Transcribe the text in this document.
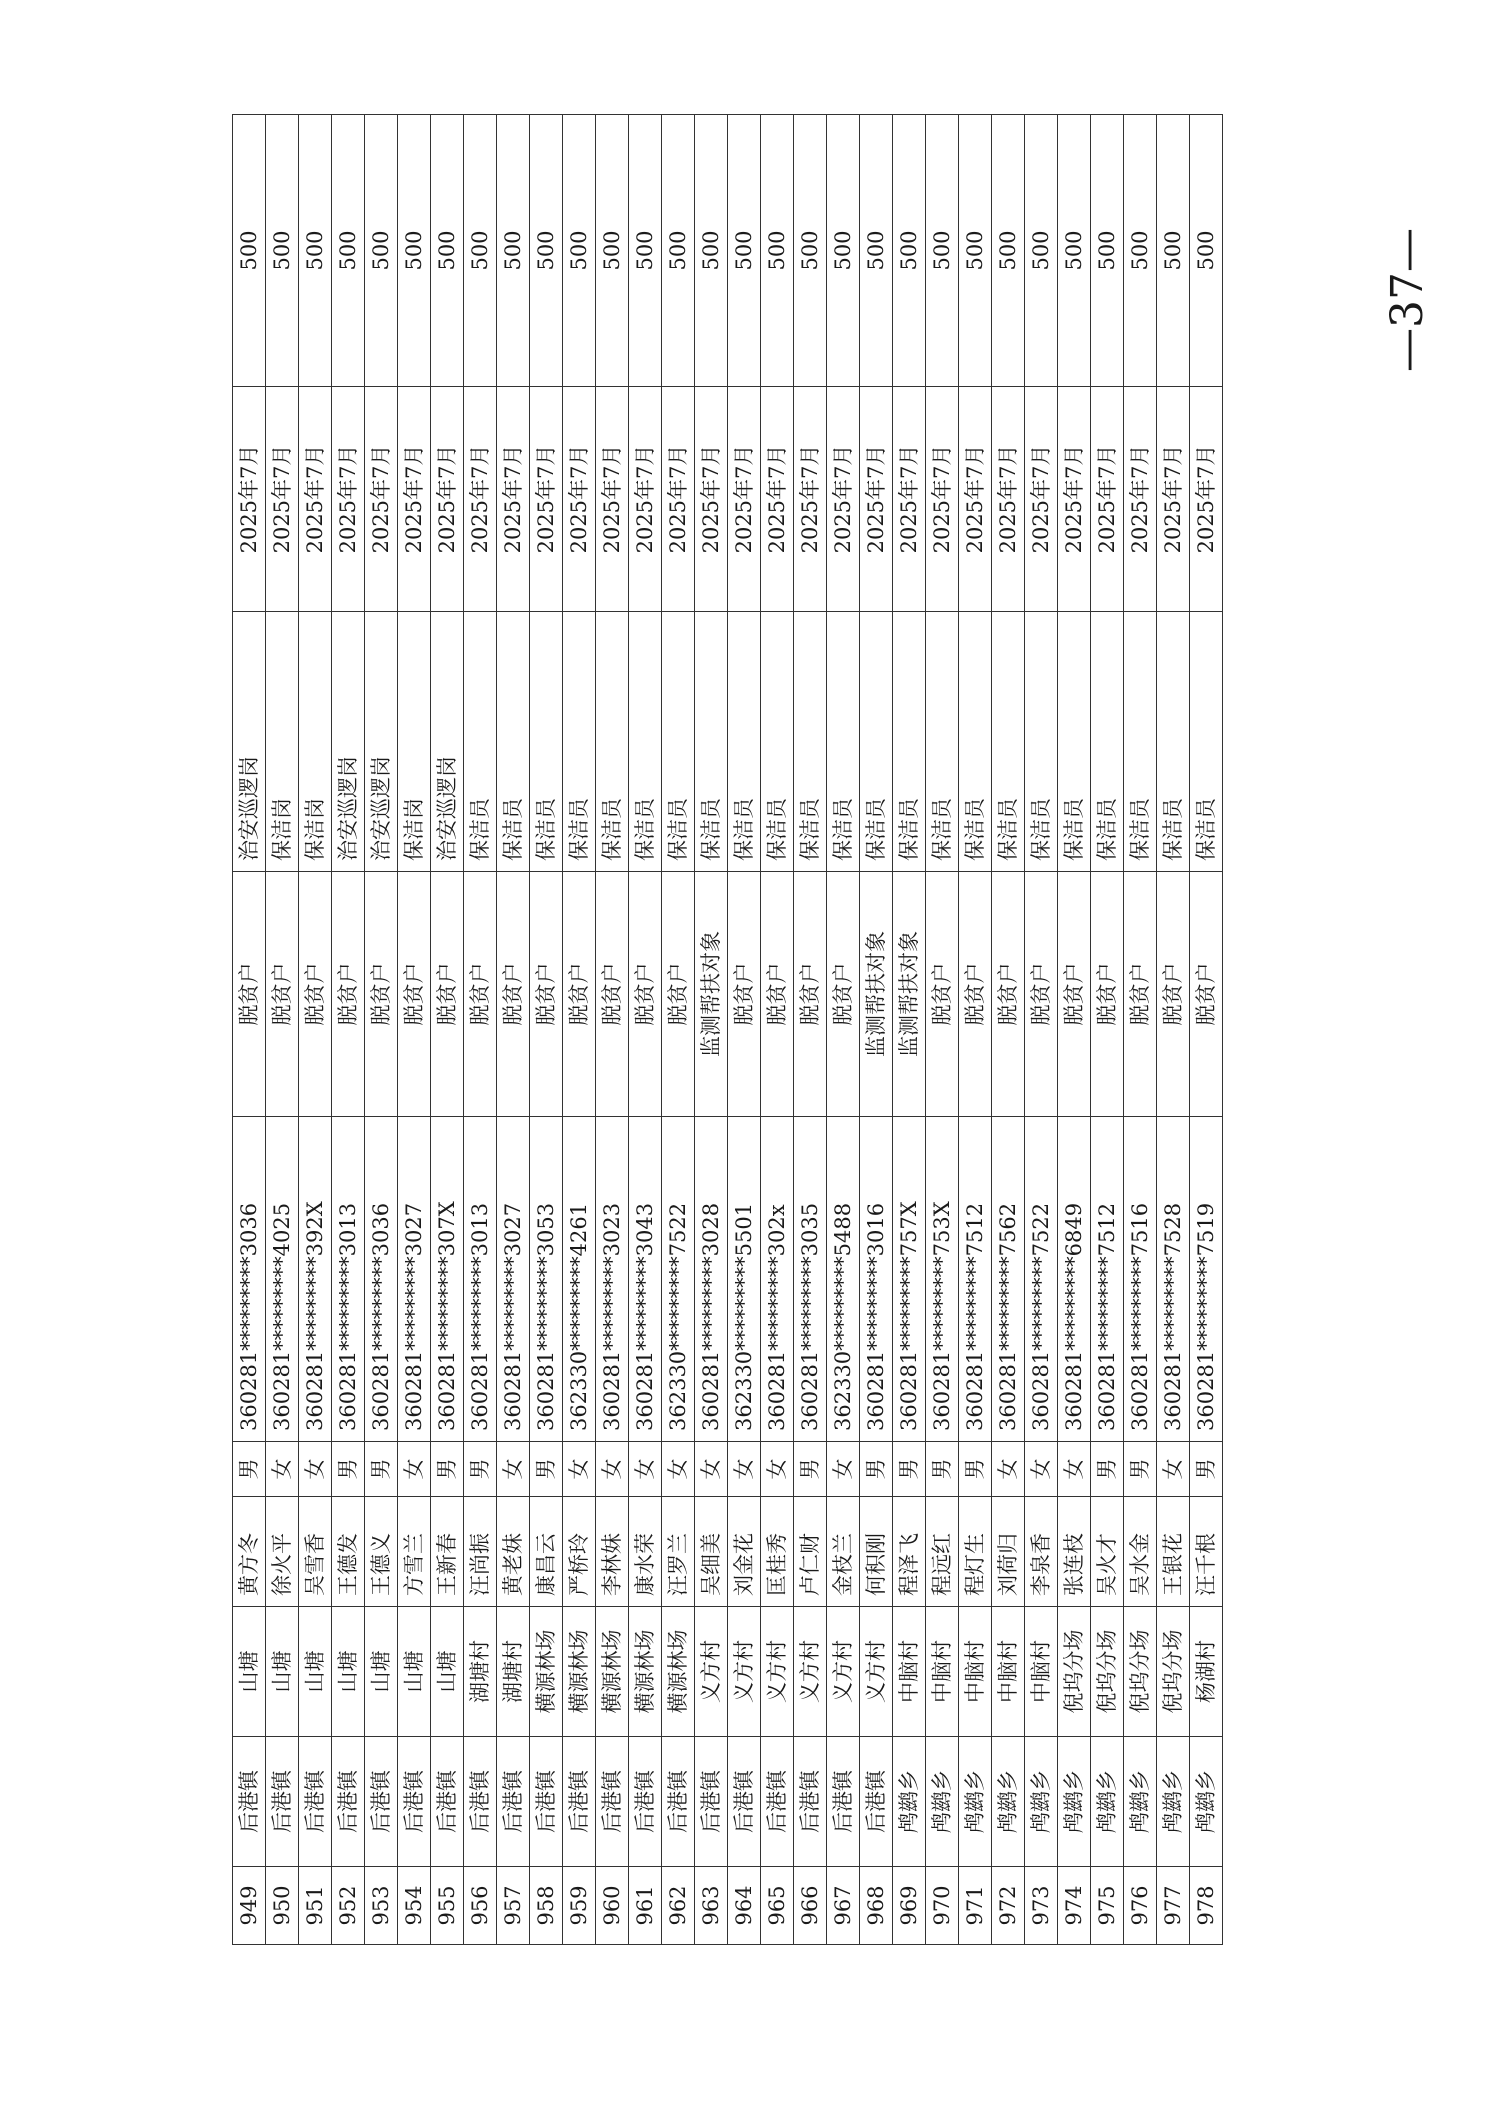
949	后港镇	山塘	黄方冬	男	360281*********3036	脱贫户	治安巡逻岗	2025年7月	500
950	后港镇	山塘	徐火平	女	360281*********4025	脱贫户	保洁岗	2025年7月	500
951	后港镇	山塘	吴雪香	女	360281*********392X	脱贫户	保洁岗	2025年7月	500
952	后港镇	山塘	王德发	男	360281*********3013	脱贫户	治安巡逻岗	2025年7月	500
953	后港镇	山塘	王德义	男	360281*********3036	脱贫户	治安巡逻岗	2025年7月	500
954	后港镇	山塘	方雪兰	女	360281*********3027	脱贫户	保洁岗	2025年7月	500
955	后港镇	山塘	王新春	男	360281*********307X	脱贫户	治安巡逻岗	2025年7月	500
956	后港镇	湖塘村	汪尚振	男	360281*********3013	脱贫户	保洁员	2025年7月	500
957	后港镇	湖塘村	黄老妹	女	360281*********3027	脱贫户	保洁员	2025年7月	500
958	后港镇	横源林场	康昌云	男	360281*********3053	脱贫户	保洁员	2025年7月	500
959	后港镇	横源林场	严桥玲	女	362330*********4261	脱贫户	保洁员	2025年7月	500
960	后港镇	横源林场	李林妹	女	360281*********3023	脱贫户	保洁员	2025年7月	500
961	后港镇	横源林场	康水荣	女	360281*********3043	脱贫户	保洁员	2025年7月	500
962	后港镇	横源林场	汪罗兰	女	362330*********7522	脱贫户	保洁员	2025年7月	500
963	后港镇	义方村	吴细美	女	360281*********3028	监测帮扶对象	保洁员	2025年7月	500
964	后港镇	义方村	刘金花	女	362330*********5501	脱贫户	保洁员	2025年7月	500
965	后港镇	义方村	匡桂秀	女	360281*********302x	脱贫户	保洁员	2025年7月	500
966	后港镇	义方村	卢仁财	男	360281*********3035	脱贫户	保洁员	2025年7月	500
967	后港镇	义方村	金枝兰	女	362330*********5488	脱贫户	保洁员	2025年7月	500
968	后港镇	义方村	何积刚	男	360281*********3016	监测帮扶对象	保洁员	2025年7月	500
969	鸬鹚乡	中脑村	程泽飞	男	360281*********757X	监测帮扶对象	保洁员	2025年7月	500
970	鸬鹚乡	中脑村	程远红	男	360281*********753X	脱贫户	保洁员	2025年7月	500
971	鸬鹚乡	中脑村	程灯生	男	360281*********7512	脱贫户	保洁员	2025年7月	500
972	鸬鹚乡	中脑村	刘荷归	女	360281*********7562	脱贫户	保洁员	2025年7月	500
973	鸬鹚乡	中脑村	李泉香	女	360281*********7522	脱贫户	保洁员	2025年7月	500
974	鸬鹚乡	倪坞分场	张连枝	女	360281*********6849	脱贫户	保洁员	2025年7月	500
975	鸬鹚乡	倪坞分场	吴火才	男	360281*********7512	脱贫户	保洁员	2025年7月	500
976	鸬鹚乡	倪坞分场	吴水金	男	360281*********7516	脱贫户	保洁员	2025年7月	500
977	鸬鹚乡	倪坞分场	王银花	女	360281*********7528	脱贫户	保洁员	2025年7月	500
978	鸬鹚乡	杨湖村	汪千根	男	360281*********7519	脱贫户	保洁员	2025年7月	500	—37—
